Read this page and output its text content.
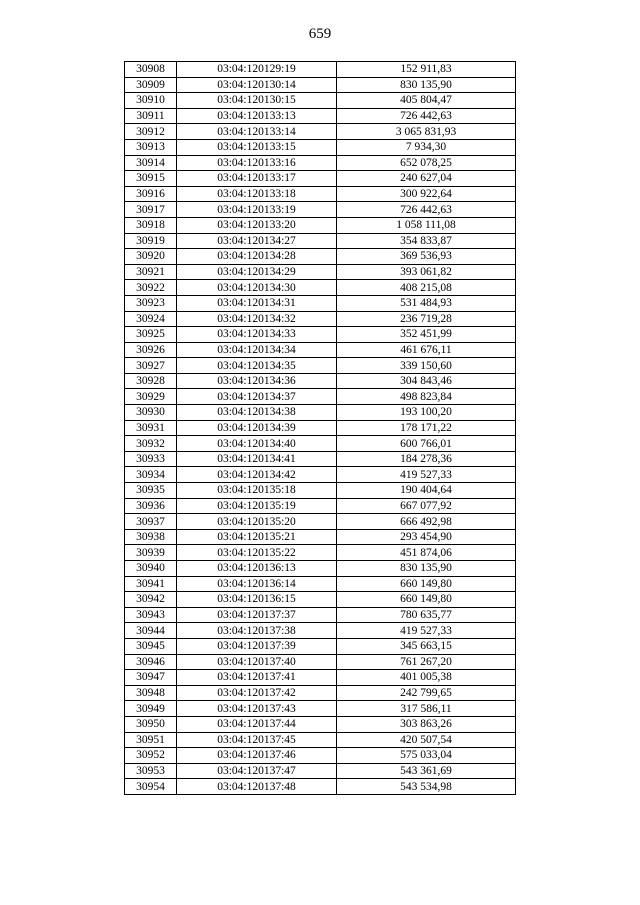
659
30908	03:04:120129:19	152 911,83
30909	03:04:120130:14	830 135,90
30910	03:04:120130:15	405 804,47
30911	03:04:120133:13	726 442,63
30912	03:04:120133:14	3 065 831,93
30913	03:04:120133:15	7 934,30
30914	03:04:120133:16	652 078,25
30915	03:04:120133:17	240 627,04
30916	03:04:120133:18	300 922,64
30917	03:04:120133:19	726 442,63
30918	03:04:120133:20	1 058 111,08
30919	03:04:120134:27	354 833,87
30920	03:04:120134:28	369 536,93
30921	03:04:120134:29	393 061,82
30922	03:04:120134:30	408 215,08
30923	03:04:120134:31	531 484,93
30924	03:04:120134:32	236 719,28
30925	03:04:120134:33	352 451,99
30926	03:04:120134:34	461 676,11
30927	03:04:120134:35	339 150,60
30928	03:04:120134:36	304 843,46
30929	03:04:120134:37	498 823,84
30930	03:04:120134:38	193 100,20
30931	03:04:120134:39	178 171,22
30932	03:04:120134:40	600 766,01
30933	03:04:120134:41	184 278,36
30934	03:04:120134:42	419 527,33
30935	03:04:120135:18	190 404,64
30936	03:04:120135:19	667 077,92
30937	03:04:120135:20	666 492,98
30938	03:04:120135:21	293 454,90
30939	03:04:120135:22	451 874,06
30940	03:04:120136:13	830 135,90
30941	03:04:120136:14	660 149,80
30942	03:04:120136:15	660 149,80
30943	03:04:120137:37	780 635,77
30944	03:04:120137:38	419 527,33
30945	03:04:120137:39	345 663,15
30946	03:04:120137:40	761 267,20
30947	03:04:120137:41	401 005,38
30948	03:04:120137:42	242 799,65
30949	03:04:120137:43	317 586,11
30950	03:04:120137:44	303 863,26
30951	03:04:120137:45	420 507,54
30952	03:04:120137:46	575 033,04
30953	03:04:120137:47	543 361,69
30954	03:04:120137:48	543 534,98
